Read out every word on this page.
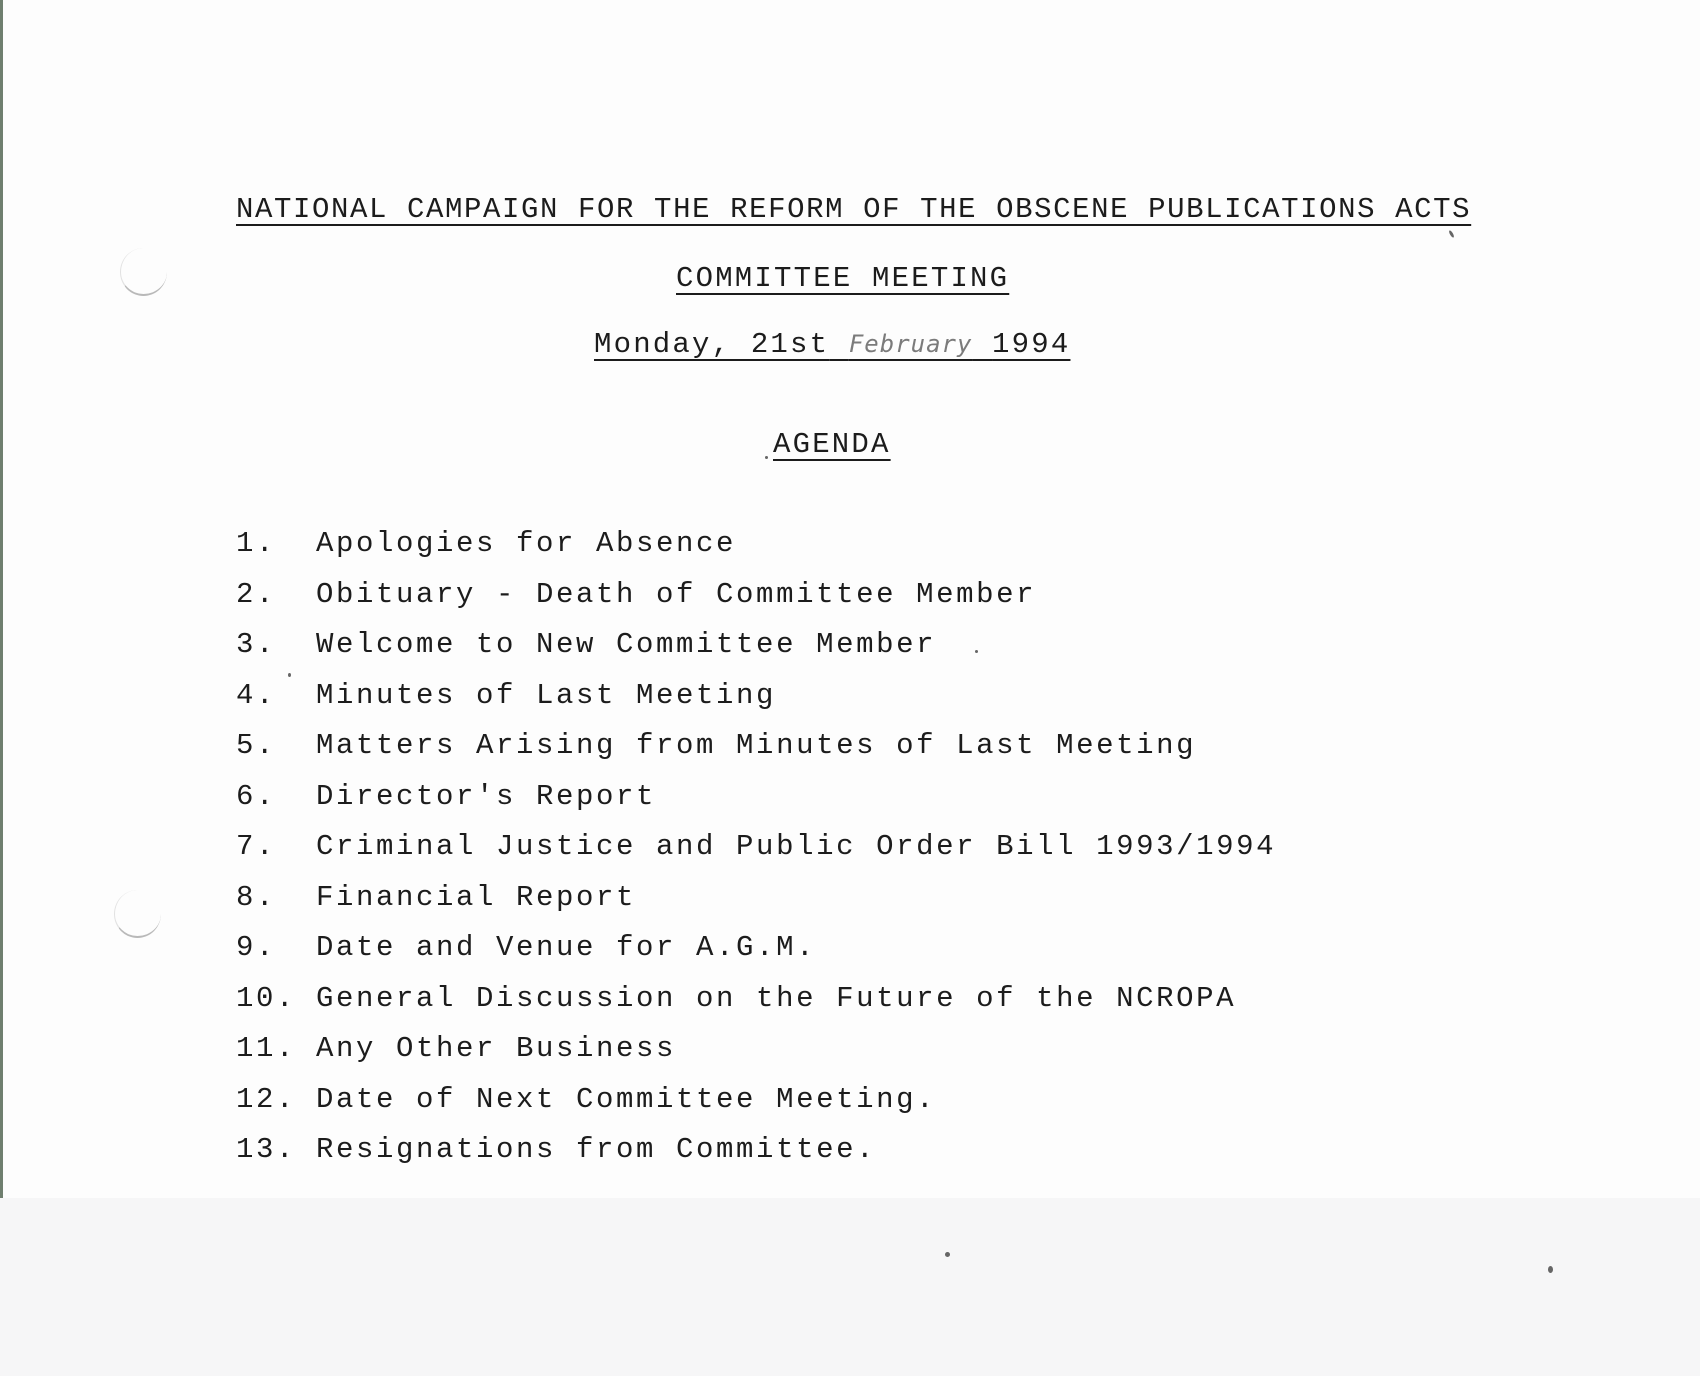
NATIONAL CAMPAIGN FOR THE REFORM OF THE OBSCENE PUBLICATIONS ACTS
COMMITTEE MEETING
Monday, 21st February 1994
AGENDA
1.	Apologies for Absence
2.	Obituary - Death of Committee Member
3.	Welcome to New Committee Member
4.	Minutes of Last Meeting
5.	Matters Arising from Minutes of Last Meeting
6.	Director's Report
7.	Criminal Justice and Public Order Bill 1993/1994
8.	Financial Report
9.	Date and Venue for A.G.M.
10. General Discussion on the Future of the NCROPA
11. Any Other Business
12. Date of Next Committee Meeting.
13. Resignations from Committee.
